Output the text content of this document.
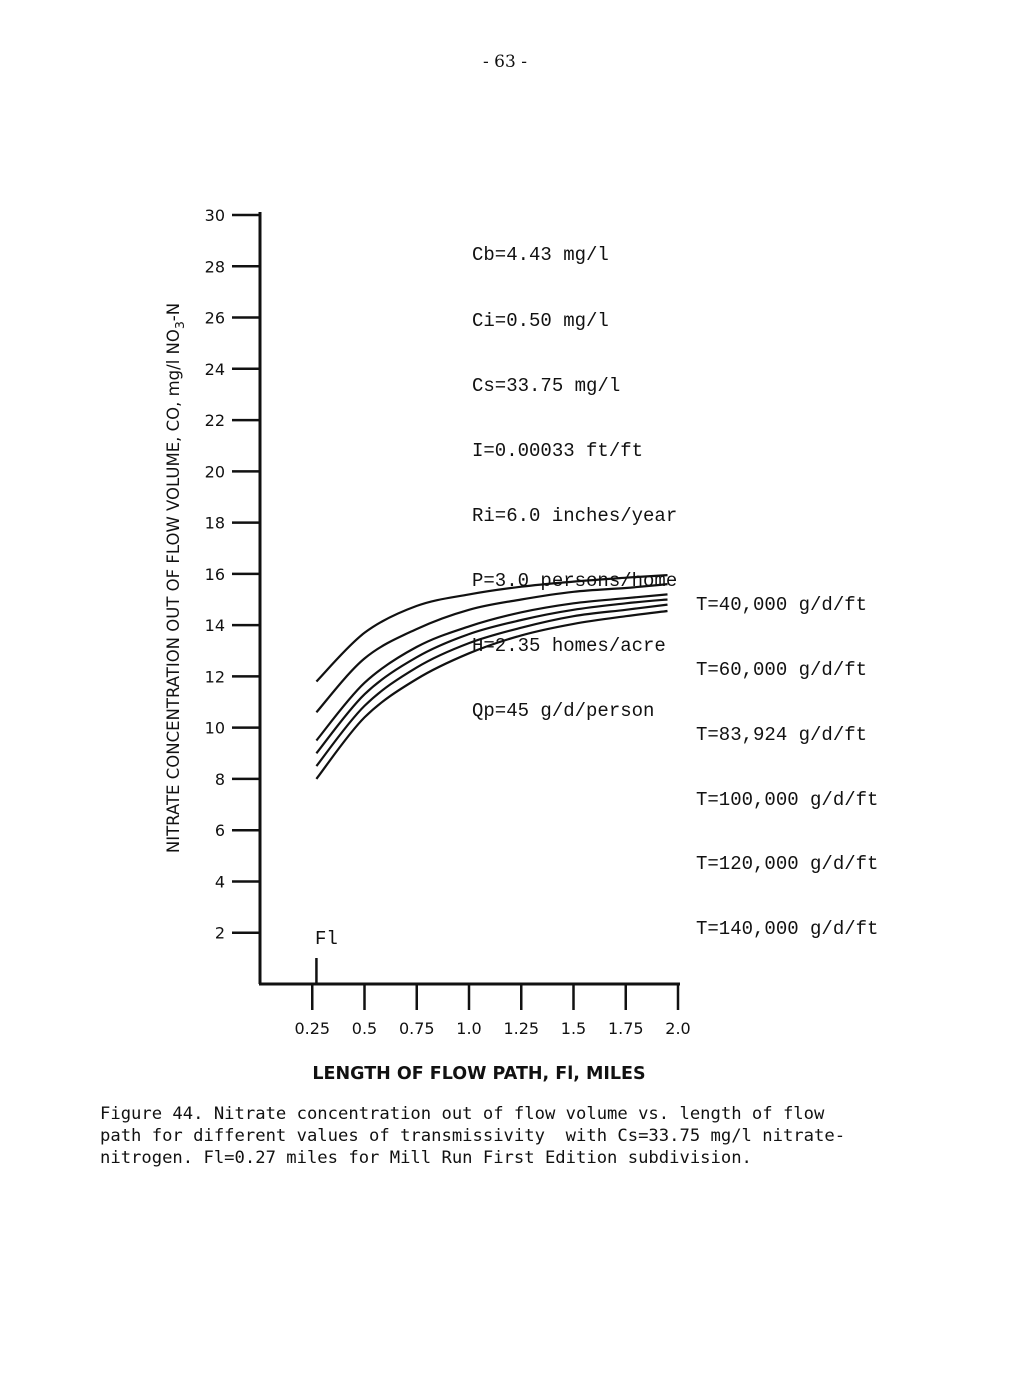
- 63 -
2
4
6
8
10
12
14
16
18
20
22
24
26
28
30
0.25 0.5 0.75 1.0 1.25 1.5 1.75 2.0
Fl
NITRATE CONCENTRATION OUT OF FLOW VOLUME, CO, mg/l $NO_3-N$
LENGTH OF FLOW PATH, Fl, MILES

Cb=4.43 mg/l

Ci=0.50 mg/l

Cs=33.75 mg/l

I=0.00033 ft/ft

Ri=6.0 inches/year

P=3.0 persons/home

H=2.35 homes/acre

Qp=45 g/d/person

T=40,000 g/d/ft

T=60,000 g/d/ft

T=83,924 g/d/ft

T=100,000 g/d/ft

T=120,000 g/d/ft

T=140,000 g/d/ft

Figure 44. Nitrate concentration out of flow volume vs. length of flow
path for different values of transmissivity  with Cs=33.75 mg/l nitrate-
nitrogen. Fl=0.27 miles for Mill Run First Edition subdivision.
